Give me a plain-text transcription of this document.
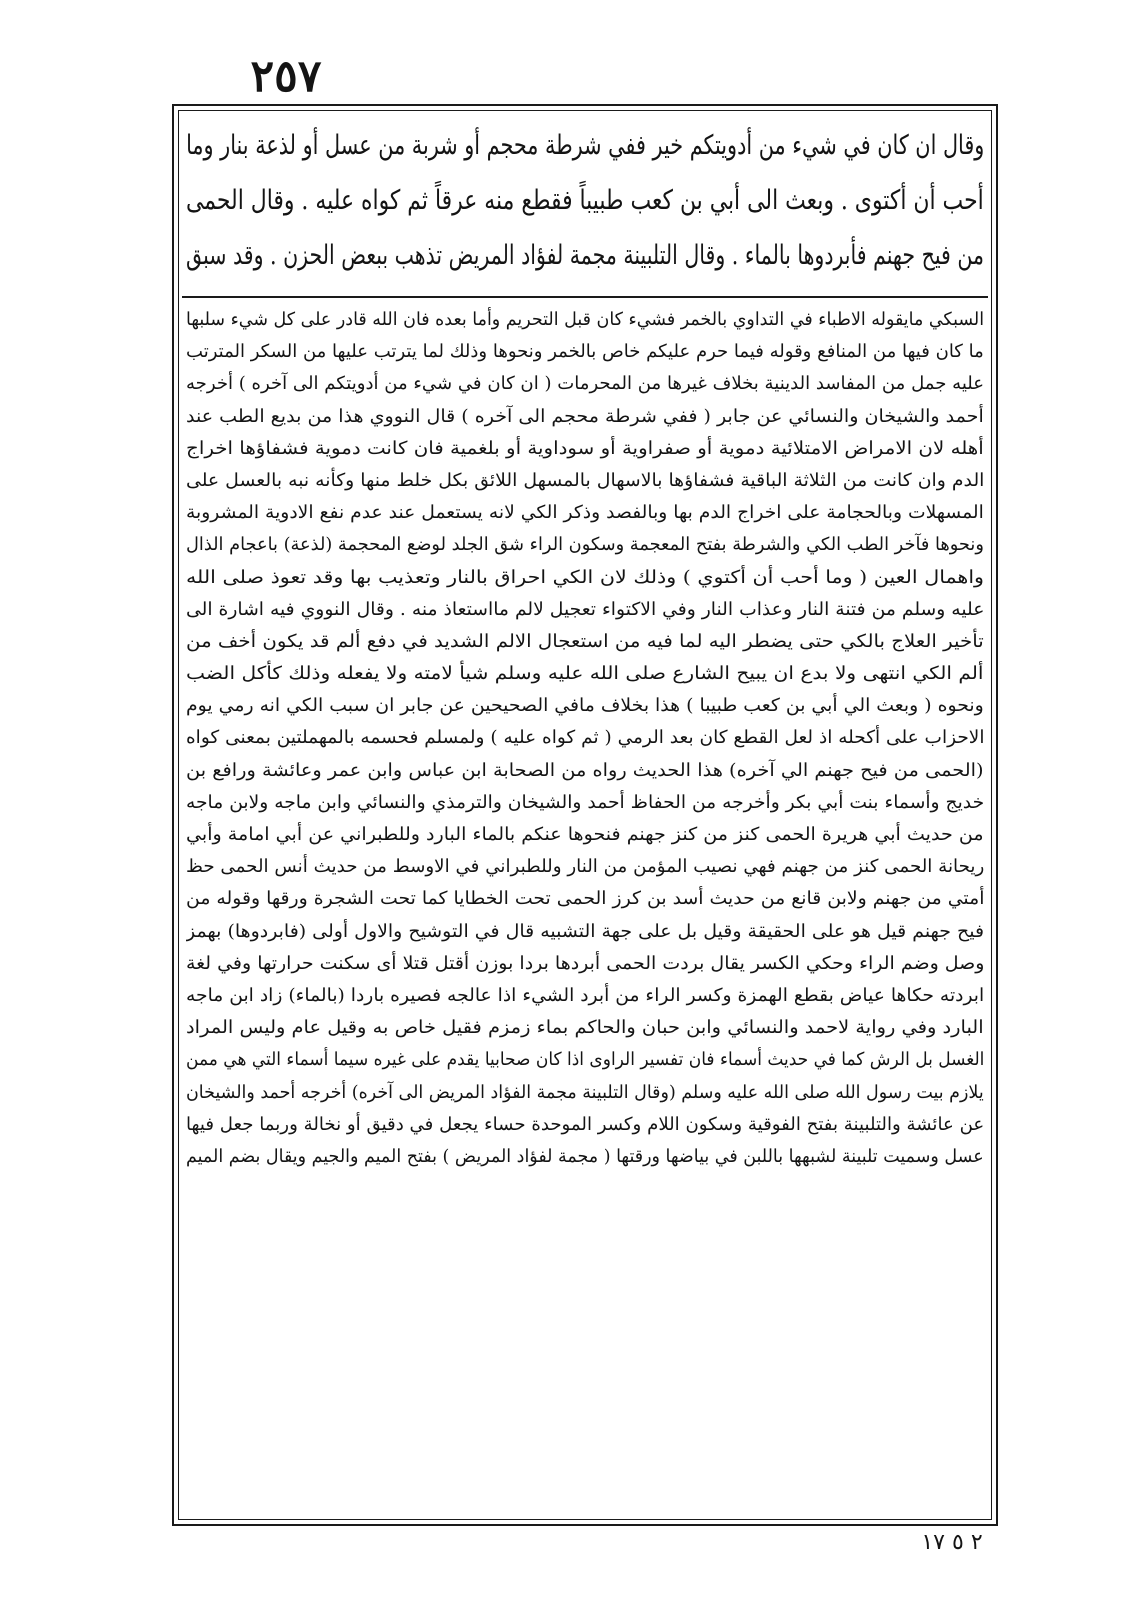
٢٥٧
وقال ان كان في شيء من أدويتكم خير ففي شرطة محجم أو شربة من عسل أو لذعة بنار وما
أحب أن أكتوى . وبعث الى أبي بن كعب طبيباً فقطع منه عرقاً ثم كواه عليه . وقال الحمى
من فيح جهنم فأبردوها بالماء . وقال التلبينة مجمة لفؤاد المريض تذهب ببعض الحزن . وقد سبق
السبكي مايقوله الاطباء في التداوي بالخمر فشيء كان قبل التحريم وأما بعده فان الله قادر على كل شيء سلبها
ما كان فيها من المنافع وقوله فيما حرم عليكم خاص بالخمر ونحوها وذلك لما يترتب عليها من السكر المترتب
عليه جمل من المفاسد الدينية بخلاف غيرها من المحرمات ( ان كان في شيء من أدويتكم الى آخره ) أخرجه
أحمد والشيخان والنسائي عن جابر ( ففي شرطة محجم الى آخره ) قال النووي هذا من بديع الطب عند
أهله لان الامراض الامتلائية دموية أو صفراوية أو سوداوية أو بلغمية فان كانت دموية فشفاؤها اخراج
الدم وان كانت من الثلاثة الباقية فشفاؤها بالاسهال بالمسهل اللائق بكل خلط منها وكأنه نبه بالعسل على
المسهلات وبالحجامة على اخراج الدم بها وبالفصد وذكر الكي لانه يستعمل عند عدم نفع الادوية المشروبة
ونحوها فآخر الطب الكي والشرطة بفتح المعجمة وسكون الراء شق الجلد لوضع المحجمة (لذعة) باعجام الذال
واهمال العين ( وما أحب أن أكتوي ) وذلك لان الكي احراق بالنار وتعذيب بها وقد تعوذ صلى الله
عليه وسلم من فتنة النار وعذاب النار وفي الاكتواء تعجيل لالم مااستعاذ منه . وقال النووي فيه اشارة الى
تأخير العلاج بالكي حتى يضطر اليه لما فيه من استعجال الالم الشديد في دفع ألم قد يكون أخف من
ألم الكي انتهى ولا بدع ان يبيح الشارع صلى الله عليه وسلم شيأ لامته ولا يفعله وذلك كأكل الضب
ونحوه ( وبعث الي أبي بن كعب طبيبا ) هذا بخلاف مافي الصحيحين عن جابر ان سبب الكي انه رمي يوم
الاحزاب على أكحله اذ لعل القطع كان بعد الرمي ( ثم كواه عليه ) ولمسلم فحسمه بالمهملتين بمعنى كواه
(الحمى من فيح جهنم الي آخره) هذا الحديث رواه من الصحابة ابن عباس وابن عمر وعائشة ورافع بن
خديج وأسماء بنت أبي بكر وأخرجه من الحفاظ أحمد والشيخان والترمذي والنسائي وابن ماجه ولابن ماجه
من حديث أبي هريرة الحمى كنز من كنز جهنم فنحوها عنكم بالماء البارد وللطبراني عن أبي امامة وأبي
ريحانة الحمى كنز من جهنم فهي نصيب المؤمن من النار وللطبراني في الاوسط من حديث أنس الحمى حظ
أمتي من جهنم ولابن قانع من حديث أسد بن كرز الحمى تحت الخطايا كما تحت الشجرة ورقها وقوله من
فيح جهنم قيل هو على الحقيقة وقيل بل على جهة التشبيه قال في التوشيح والاول أولى (فابردوها) بهمز
وصل وضم الراء وحكي الكسر يقال بردت الحمى أبردها بردا بوزن أقتل قتلا أى سكنت حرارتها وفي لغة
ابردته حكاها عياض بقطع الهمزة وكسر الراء من أبرد الشيء اذا عالجه فصيره باردا (بالماء) زاد ابن ماجه
البارد وفي رواية لاحمد والنسائي وابن حبان والحاكم بماء زمزم فقيل خاص به وقيل عام وليس المراد
الغسل بل الرش كما في حديث أسماء فان تفسير الراوى اذا كان صحابيا يقدم على غيره سيما أسماء التي هي ممن
يلازم بيت رسول الله صلى الله عليه وسلم (وقال التلبينة مجمة الفؤاد المريض الى آخره) أخرجه أحمد والشيخان
عن عائشة والتلبينة بفتح الفوقية وسكون اللام وكسر الموحدة حساء يجعل في دقيق أو نخالة وربما جعل فيها
عسل وسميت تلبينة لشبهها باللبن في بياضها ورقتها ( مجمة لفؤاد المريض ) بفتح الميم والجيم ويقال بضم الميم
٢ ٥ ١٧
